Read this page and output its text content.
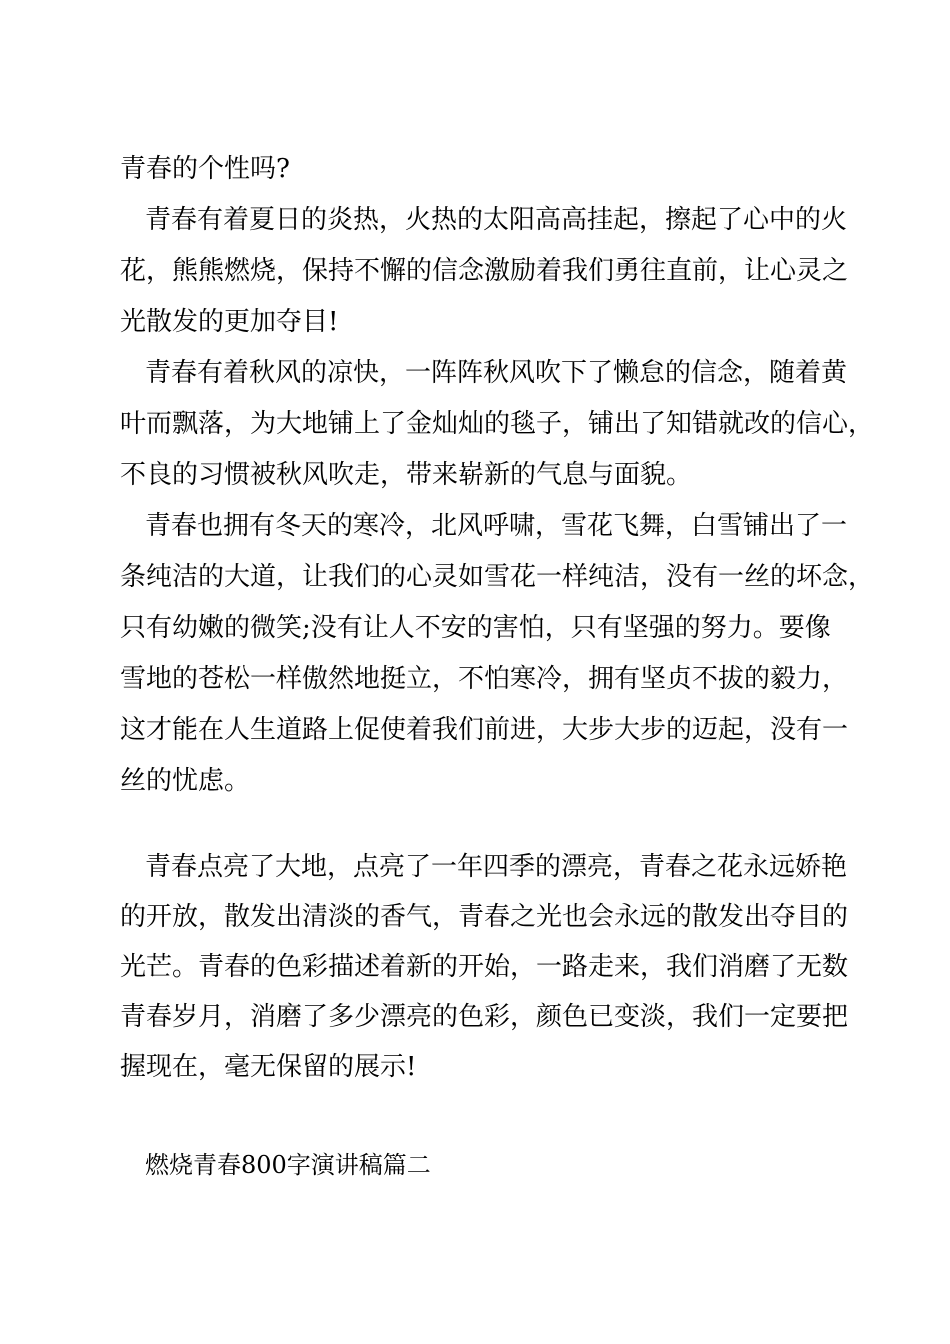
青春的个性吗?
青春有着夏日的炎热，火热的太阳高高挂起，擦起了心中的火
花，熊熊燃烧，保持不懈的信念激励着我们勇往直前，让心灵之
光散发的更加夺目!
青春有着秋风的凉快，一阵阵秋风吹下了懒怠的信念，随着黄
叶而飘落，为大地铺上了金灿灿的毯子，铺出了知错就改的信心，
不良的习惯被秋风吹走，带来崭新的气息与面貌。
青春也拥有冬天的寒冷，北风呼啸，雪花飞舞，白雪铺出了一
条纯洁的大道，让我们的心灵如雪花一样纯洁，没有一丝的坏念，
只有幼嫩的微笑;没有让人不安的害怕，只有坚强的努力。要像
雪地的苍松一样傲然地挺立，不怕寒冷，拥有坚贞不拔的毅力，
这才能在人生道路上促使着我们前进，大步大步的迈起，没有一
丝的忧虑。
青春点亮了大地，点亮了一年四季的漂亮，青春之花永远娇艳
的开放，散发出清淡的香气，青春之光也会永远的散发出夺目的
光芒。青春的色彩描述着新的开始，一路走来，我们消磨了无数
青春岁月，消磨了多少漂亮的色彩，颜色已变淡，我们一定要把
握现在，毫无保留的展示!
燃烧青春800字演讲稿篇二
